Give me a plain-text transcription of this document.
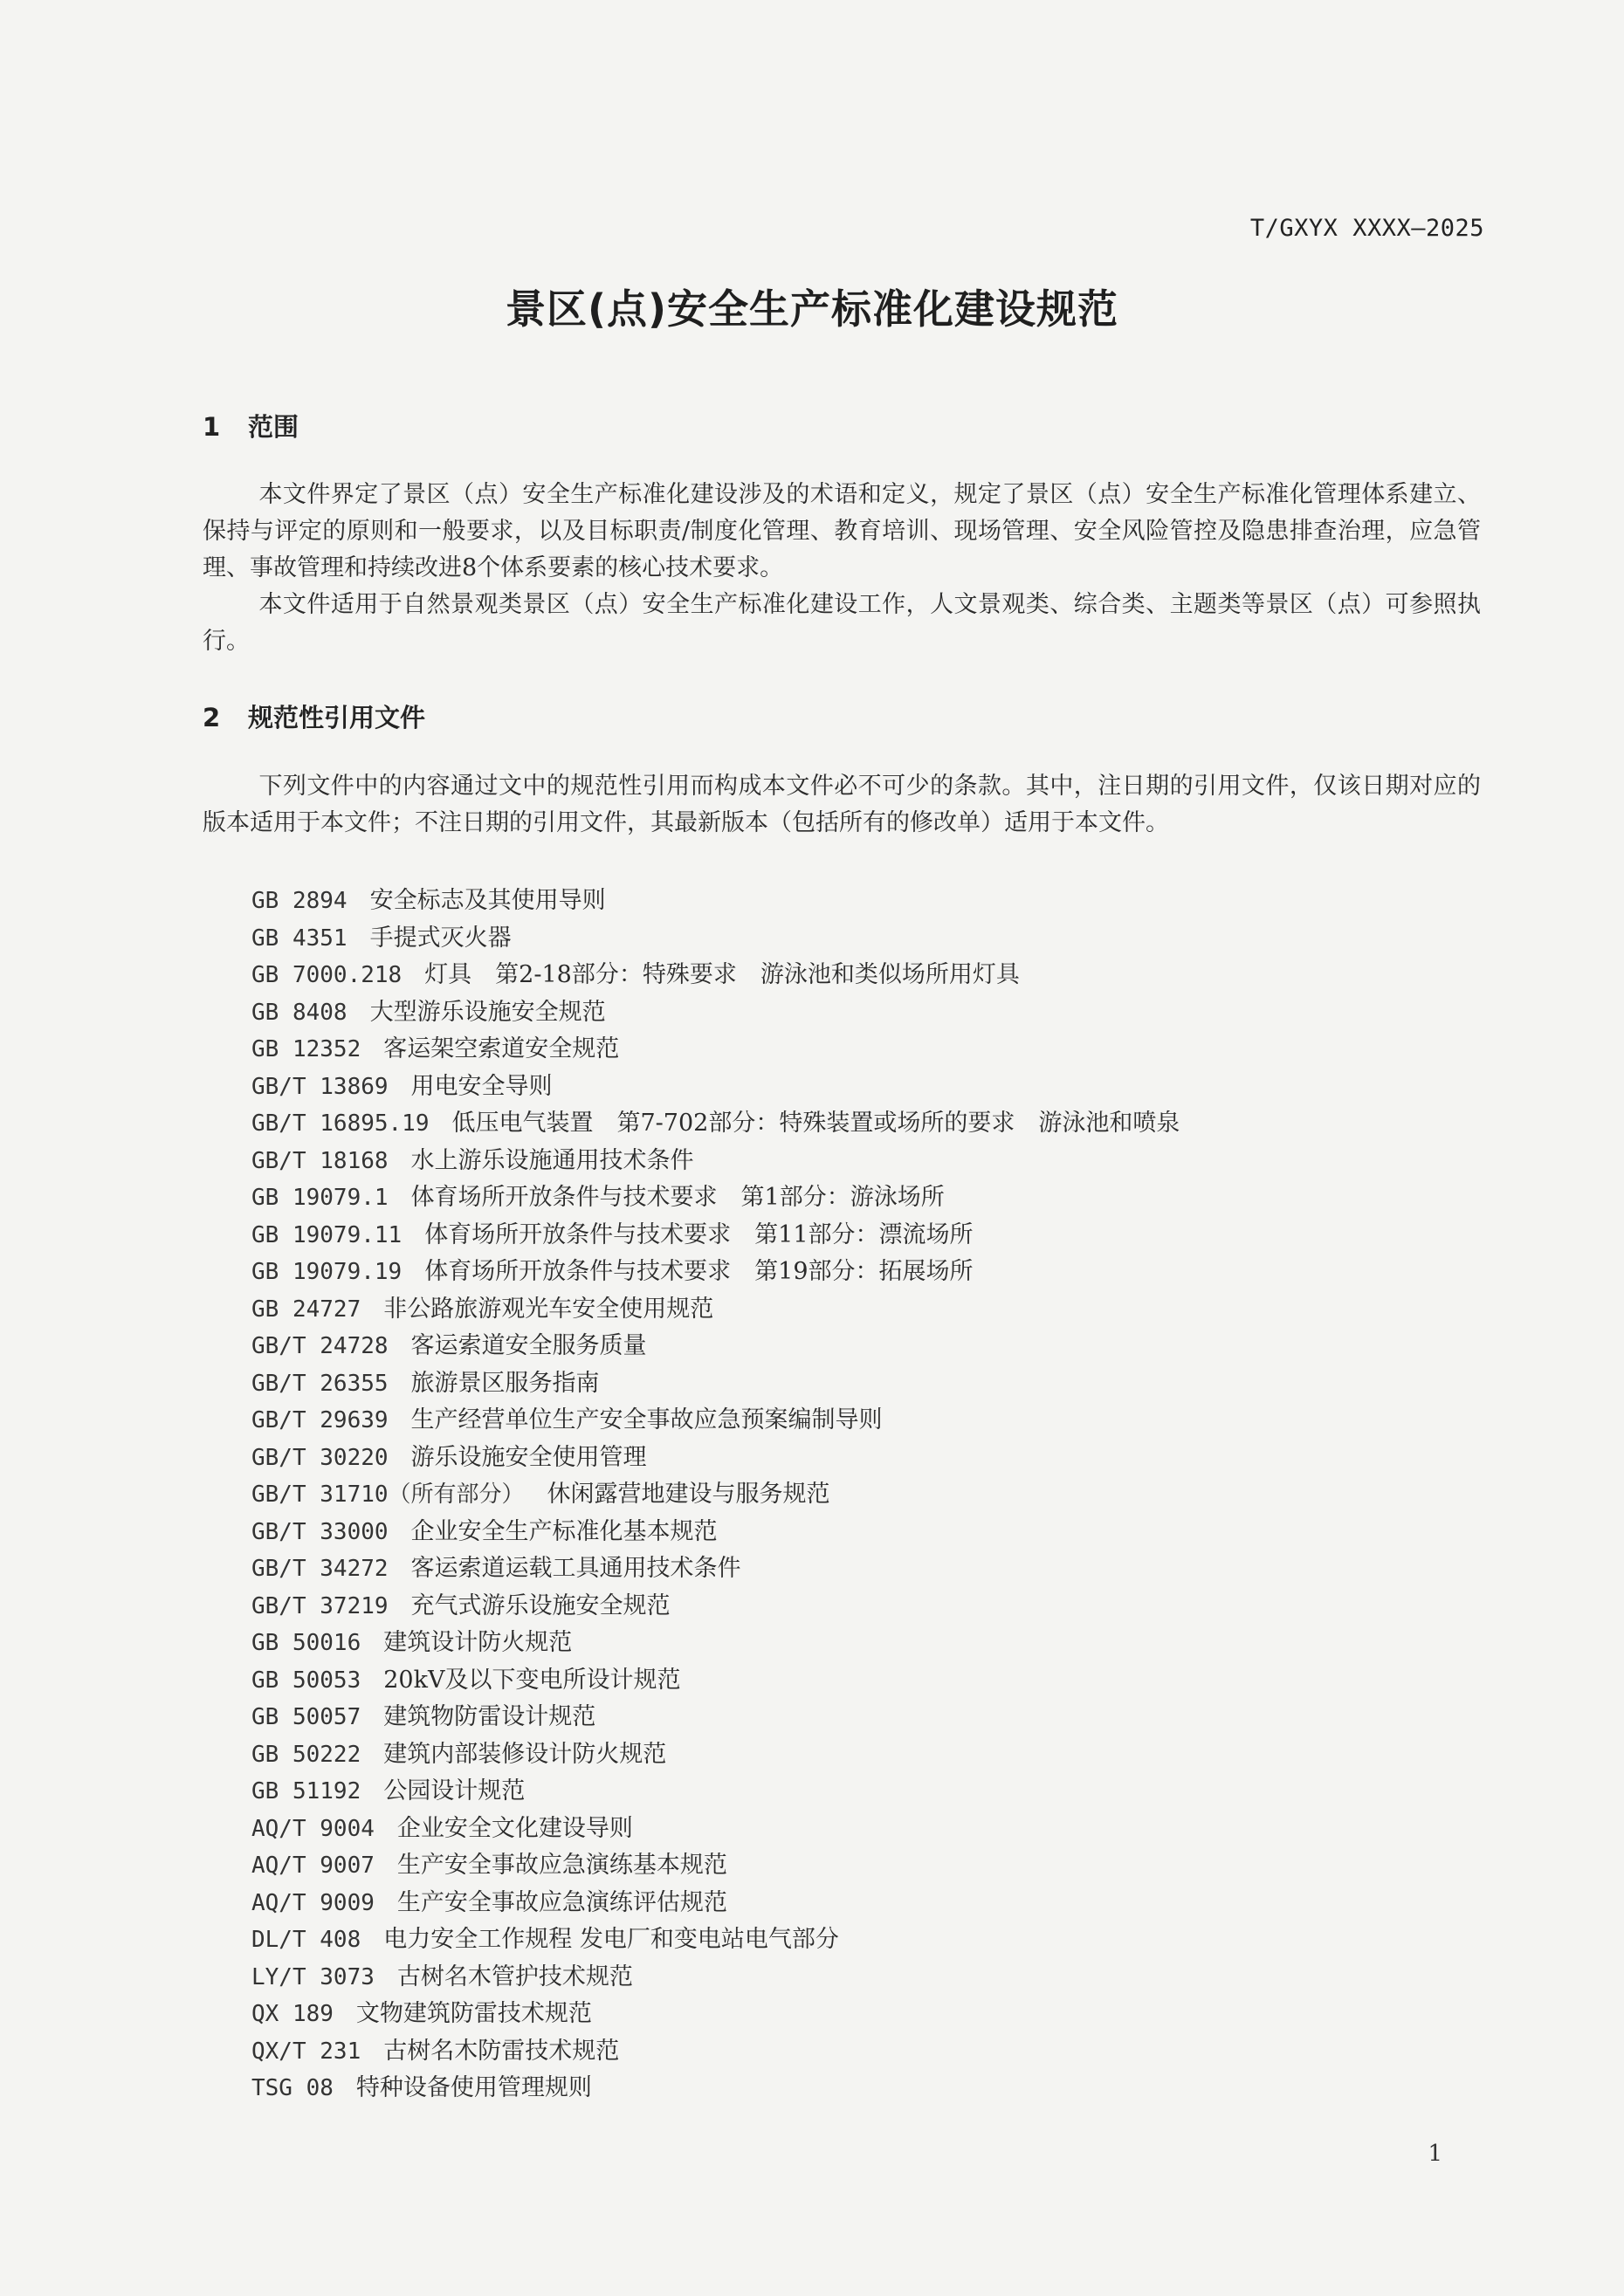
T/GXYX XXXX—2025
景区(点)安全生产标准化建设规范
1 范围
本文件界定了景区（点）安全生产标准化建设涉及的术语和定义，规定了景区（点）安全生产标准化管理体系建立、保持与评定的原则和一般要求，以及目标职责/制度化管理、教育培训、现场管理、安全风险管控及隐患排查治理，应急管理、事故管理和持续改进8个体系要素的核心技术要求。
本文件适用于自然景观类景区（点）安全生产标准化建设工作，人文景观类、综合类、主题类等景区（点）可参照执行。
2 规范性引用文件
下列文件中的内容通过文中的规范性引用而构成本文件必不可少的条款。其中，注日期的引用文件，仅该日期对应的版本适用于本文件；不注日期的引用文件，其最新版本（包括所有的修改单）适用于本文件。
GB 2894 安全标志及其使用导则
GB 4351 手提式灭火器
GB 7000.218 灯具　第2-18部分：特殊要求　游泳池和类似场所用灯具
GB 8408 大型游乐设施安全规范
GB 12352 客运架空索道安全规范
GB/T 13869 用电安全导则
GB/T 16895.19 低压电气装置　第7-702部分：特殊装置或场所的要求　游泳池和喷泉
GB/T 18168 水上游乐设施通用技术条件
GB 19079.1 体育场所开放条件与技术要求　第1部分：游泳场所
GB 19079.11 体育场所开放条件与技术要求　第11部分：漂流场所
GB 19079.19 体育场所开放条件与技术要求　第19部分：拓展场所
GB 24727 非公路旅游观光车安全使用规范
GB/T 24728 客运索道安全服务质量
GB/T 26355 旅游景区服务指南
GB/T 29639 生产经营单位生产安全事故应急预案编制导则
GB/T 30220 游乐设施安全使用管理
GB/T 31710（所有部分） 休闲露营地建设与服务规范
GB/T 33000 企业安全生产标准化基本规范
GB/T 34272 客运索道运载工具通用技术条件
GB/T 37219 充气式游乐设施安全规范
GB 50016 建筑设计防火规范
GB 50053 20kV及以下变电所设计规范
GB 50057 建筑物防雷设计规范
GB 50222 建筑内部装修设计防火规范
GB 51192 公园设计规范
AQ/T 9004 企业安全文化建设导则
AQ/T 9007 生产安全事故应急演练基本规范
AQ/T 9009 生产安全事故应急演练评估规范
DL/T 408 电力安全工作规程 发电厂和变电站电气部分
LY/T 3073 古树名木管护技术规范
QX 189 文物建筑防雷技术规范
QX/T 231 古树名木防雷技术规范
TSG 08 特种设备使用管理规则
1
